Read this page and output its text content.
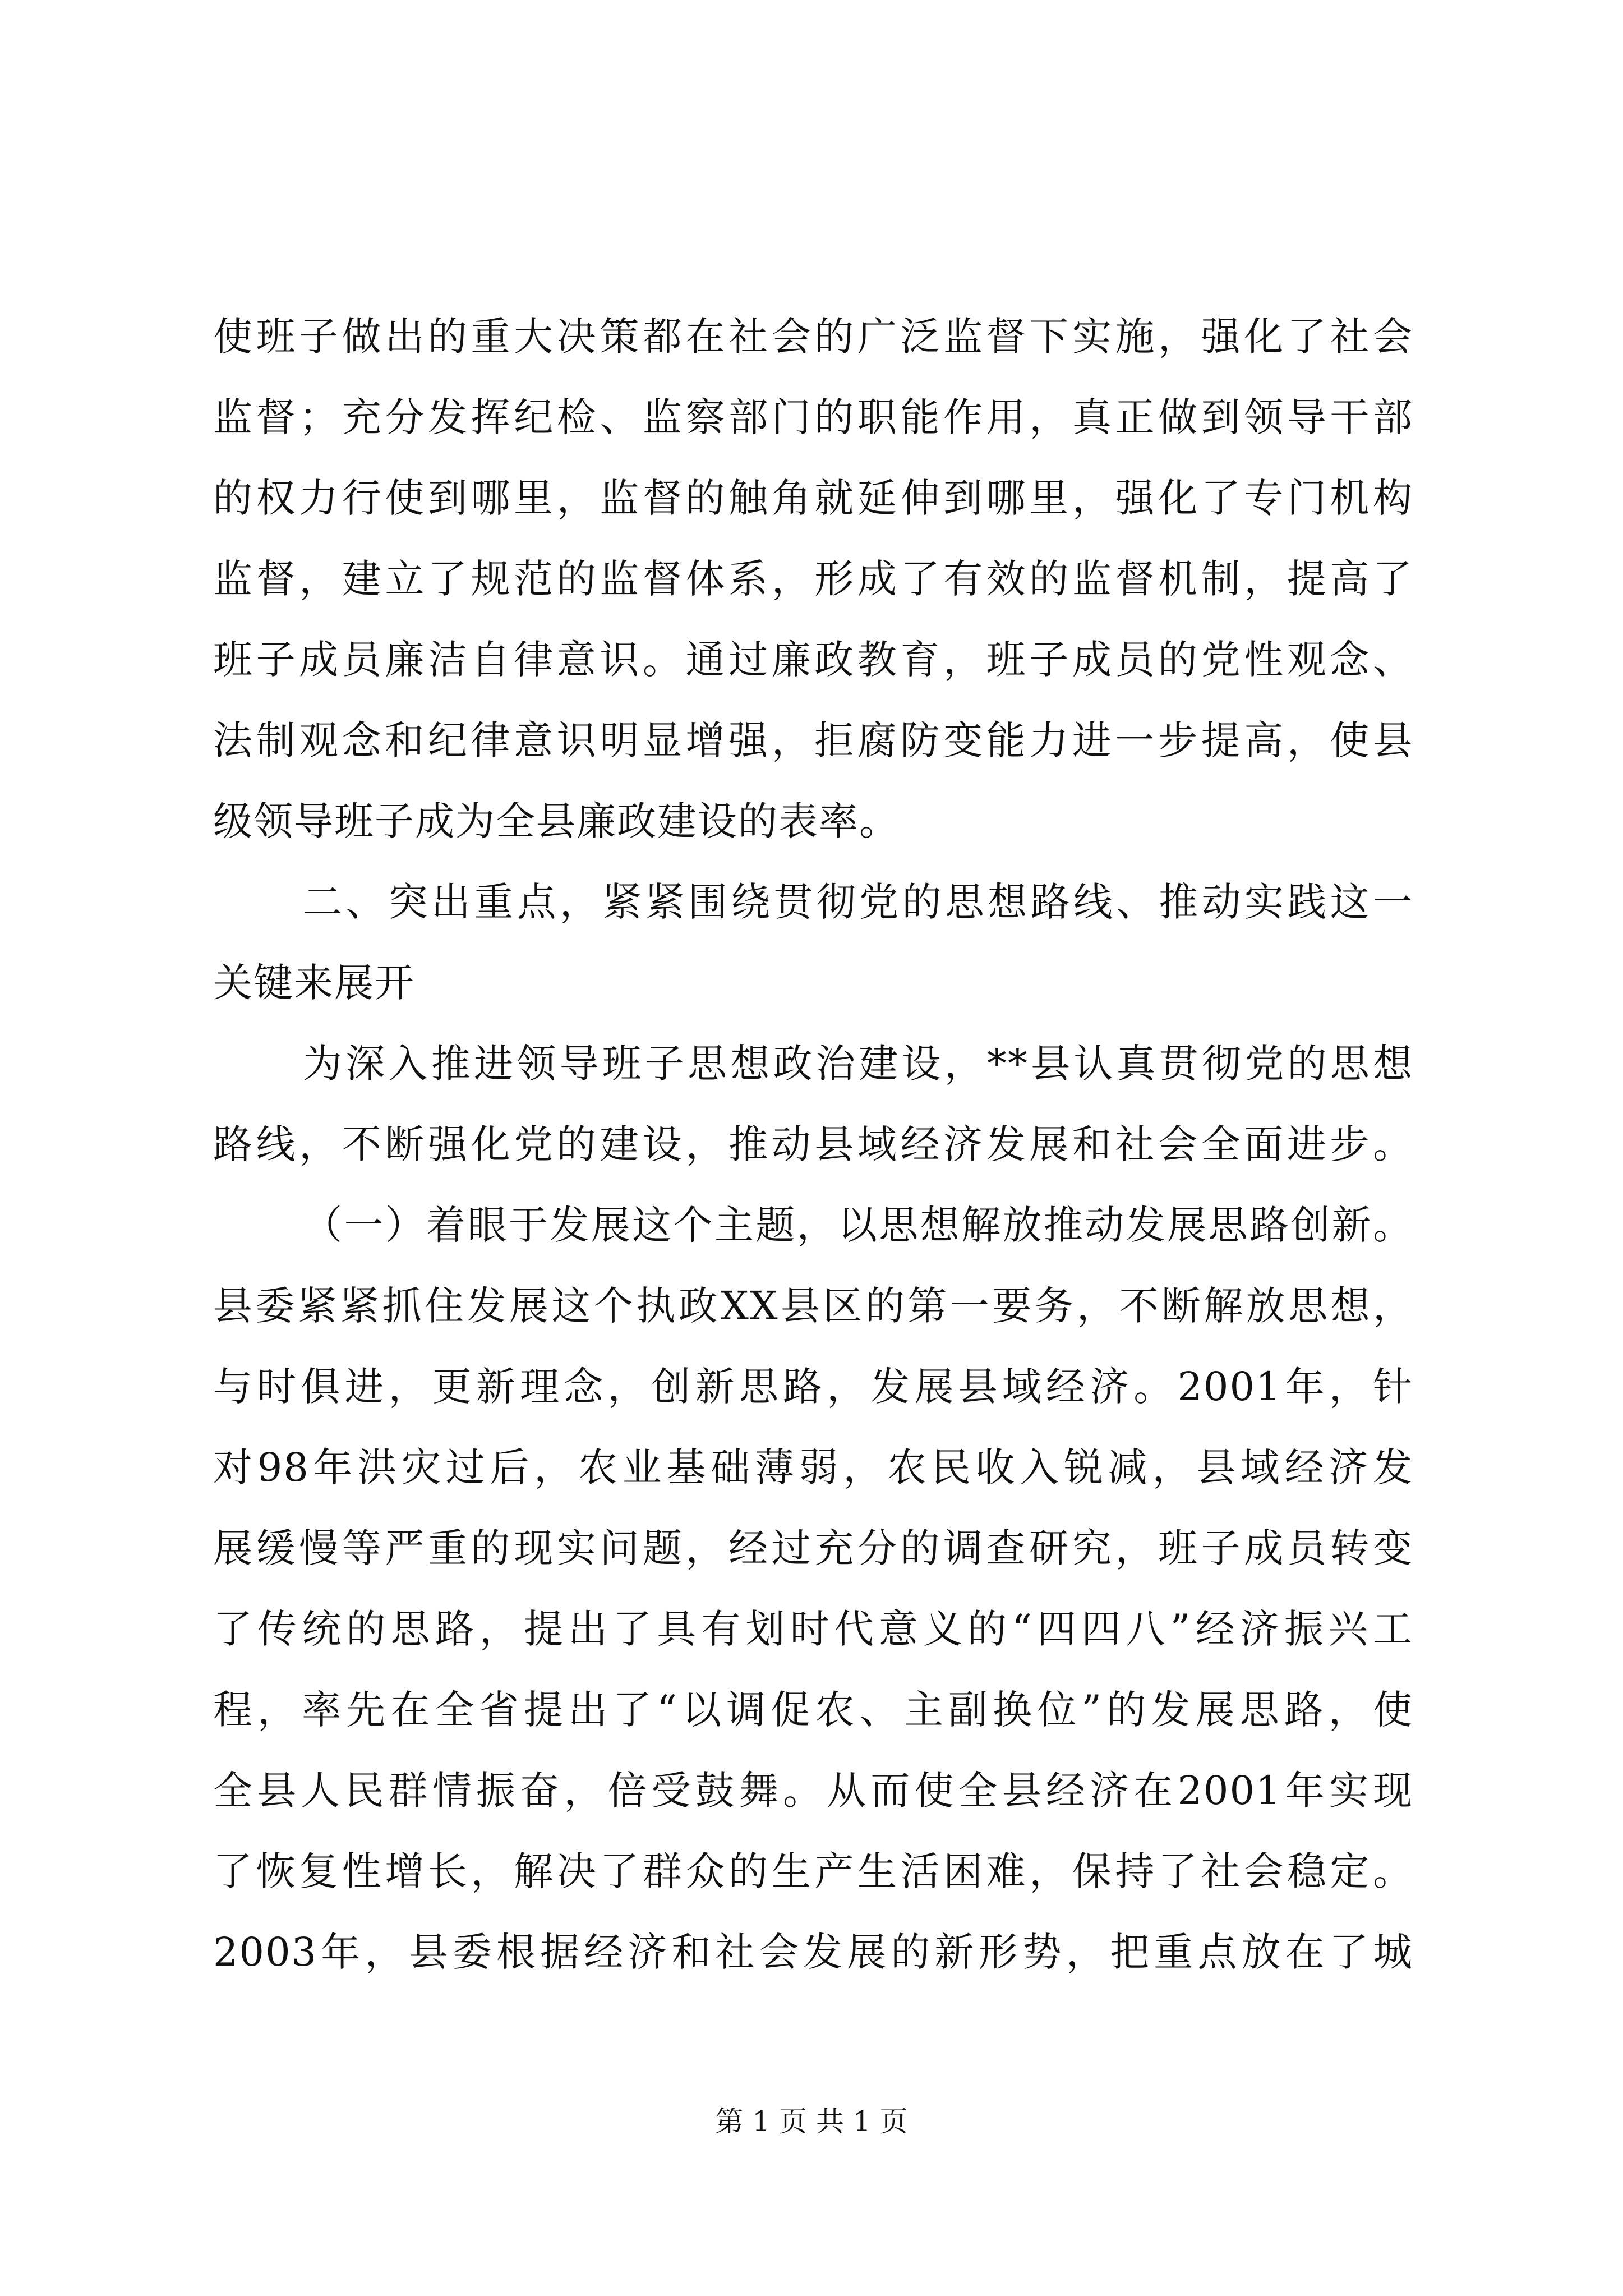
使班子做出的重大决策都在社会的广泛监督下实施，强化了社会
监督；充分发挥纪检、监察部门的职能作用，真正做到领导干部
的权力行使到哪里，监督的触角就延伸到哪里，强化了专门机构
监督，建立了规范的监督体系，形成了有效的监督机制，提高了
班子成员廉洁自律意识。通过廉政教育，班子成员的党性观念、
法制观念和纪律意识明显增强，拒腐防变能力进一步提高，使县
级领导班子成为全县廉政建设的表率。
二、突出重点，紧紧围绕贯彻党的思想路线、推动实践这一
关键来展开
为深入推进领导班子思想政治建设，**县认真贯彻党的思想
路线，不断强化党的建设，推动县域经济发展和社会全面进步。
（一）着眼于发展这个主题，以思想解放推动发展思路创新。
县委紧紧抓住发展这个执政XX县区的第一要务，不断解放思想，
与时俱进，更新理念，创新思路，发展县域经济。2001年，针
对98年洪灾过后，农业基础薄弱，农民收入锐减，县域经济发
展缓慢等严重的现实问题，经过充分的调查研究，班子成员转变
了传统的思路，提出了具有划时代意义的“四四八”经济振兴工
程，率先在全省提出了“以调促农、主副换位”的发展思路，使
全县人民群情振奋，倍受鼓舞。从而使全县经济在2001年实现
了恢复性增长，解决了群众的生产生活困难，保持了社会稳定。
2003年，县委根据经济和社会发展的新形势，把重点放在了城
第 1 页 共 1 页
